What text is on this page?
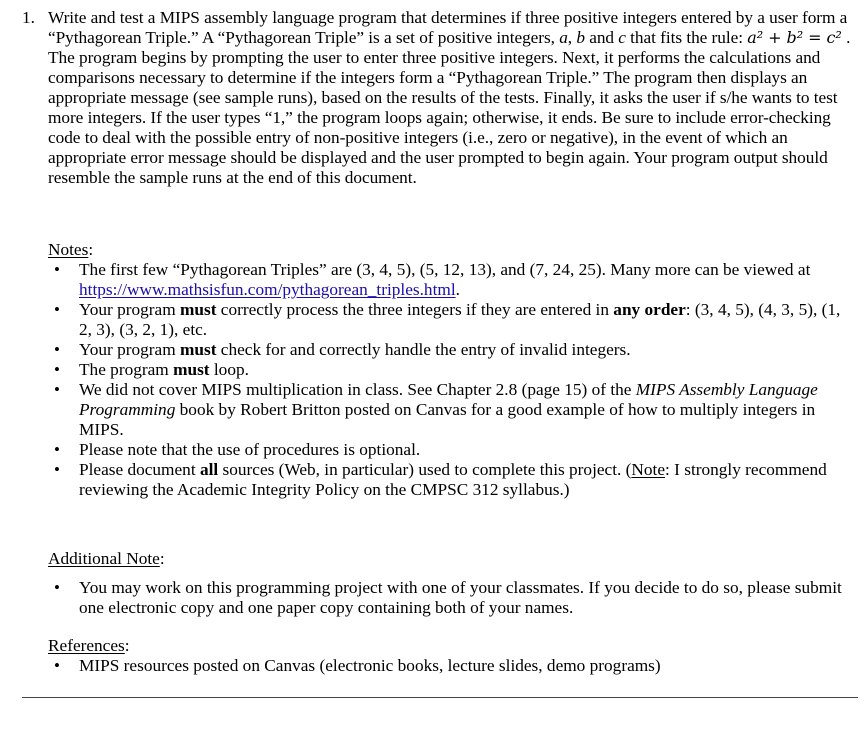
1. Write and test a MIPS assembly language program that determines if three positive integers entered by a user form a “Pythagorean Triple.” A “Pythagorean Triple” is a set of positive integers, a, b and c that fits the rule: a² + b² = c² . The program begins by prompting the user to enter three positive integers. Next, it performs the calculations and comparisons necessary to determine if the integers form a “Pythagorean Triple.” The program then displays an appropriate message (see sample runs), based on the results of the tests. Finally, it asks the user if s/he wants to test more integers. If the user types “1,” the program loops again; otherwise, it ends. Be sure to include error-checking code to deal with the possible entry of non-positive integers (i.e., zero or negative), in the event of which an appropriate error message should be displayed and the user prompted to begin again. Your program output should resemble the sample runs at the end of this document.
Notes:
• The first few “Pythagorean Triples” are (3, 4, 5), (5, 12, 13), and (7, 24, 25). Many more can be viewed at https://www.mathsisfun.com/pythagorean_triples.html.
• Your program must correctly process the three integers if they are entered in any order: (3, 4, 5), (4, 3, 5), (1, 2, 3), (3, 2, 1), etc.
• Your program must check for and correctly handle the entry of invalid integers.
• The program must loop.
• We did not cover MIPS multiplication in class. See Chapter 2.8 (page 15) of the MIPS Assembly Language Programming book by Robert Britton posted on Canvas for a good example of how to multiply integers in MIPS.
• Please note that the use of procedures is optional.
• Please document all sources (Web, in particular) used to complete this project. (Note: I strongly recommend reviewing the Academic Integrity Policy on the CMPSC 312 syllabus.)
Additional Note:
• You may work on this programming project with one of your classmates. If you decide to do so, please submit one electronic copy and one paper copy containing both of your names.
References:
• MIPS resources posted on Canvas (electronic books, lecture slides, demo programs)
